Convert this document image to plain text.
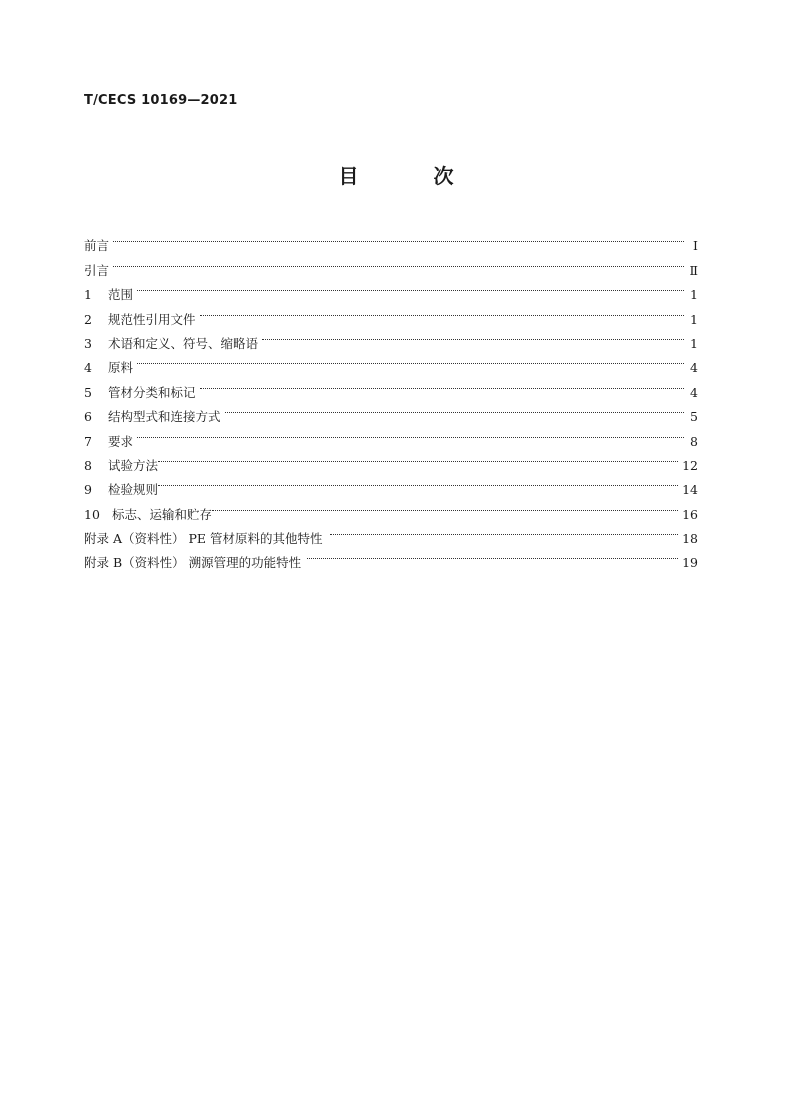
T/CECS 10169—2021
目 次
前言	Ⅰ
引言	Ⅱ
1	范围	1
2	规范性引用文件	1
3	术语和定义、符号、缩略语	1
4	原料	4
5	管材分类和标记	4
6	结构型式和连接方式	5
7	要求	8
8	试验方法	12
9	检验规则	14
10 标志、运输和贮存	16
附录 A（资料性） PE 管材原料的其他特性	18
附录 B（资料性） 溯源管理的功能特性	19
